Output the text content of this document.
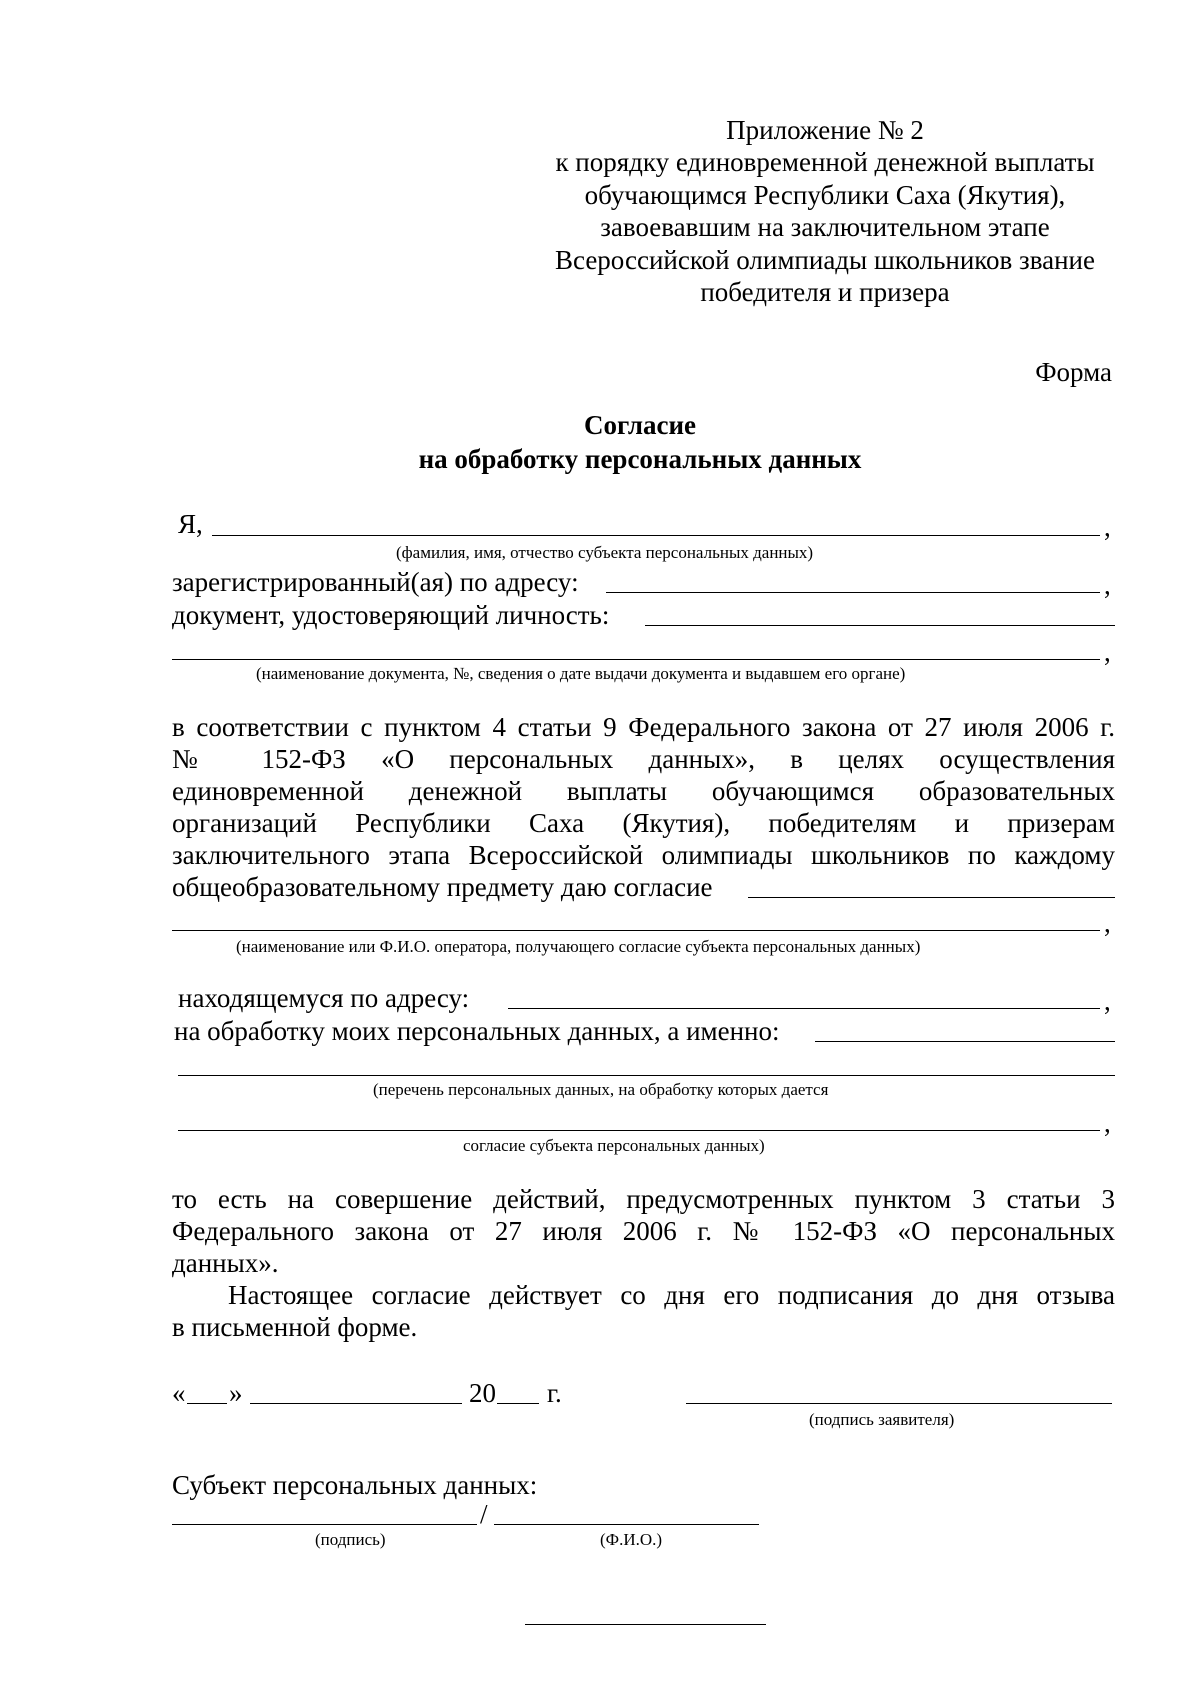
Приложение № 2
к порядку единовременной денежной выплаты
обучающимся Республики Саха (Якутия),
завоевавшим на заключительном этапе
Всероссийской олимпиады школьников звание
победителя и призера
Форма
Согласие
на обработку персональных данных
Я,	,
(фамилия, имя, отчество субъекта персональных данных)
зарегистрированный(ая) по адресу:	,
документ, удостоверяющий личность:
,
(наименование документа, №, сведения о дате выдачи документа и выдавшем его органе)
в соответствии с пунктом 4 статьи 9 Федерального закона от 27 июля 2006 г.
№ 152-ФЗ «О персональных данных», в целях осуществления
единовременной денежной выплаты обучающимся образовательных
организаций Республики Саха (Якутия), победителям и призерам
заключительного этапа Всероссийской олимпиады школьников по каждому
общеобразовательному предмету даю согласие
,
(наименование или Ф.И.О. оператора, получающего согласие субъекта персональных данных)
находящемуся по адресу:	,
на обработку моих персональных данных, а именно:
(перечень персональных данных, на обработку которых дается
,
согласие субъекта персональных данных)
то есть на совершение действий, предусмотренных пунктом 3 статьи 3
Федерального закона от 27 июля 2006 г. № 152-ФЗ «О персональных
данных».
Настоящее согласие действует со дня его подписания до дня отзыва
в письменной форме.
« »	20 г.
(подпись заявителя)
Субъект персональных данных:
/
(подпись)	(Ф.И.О.)
